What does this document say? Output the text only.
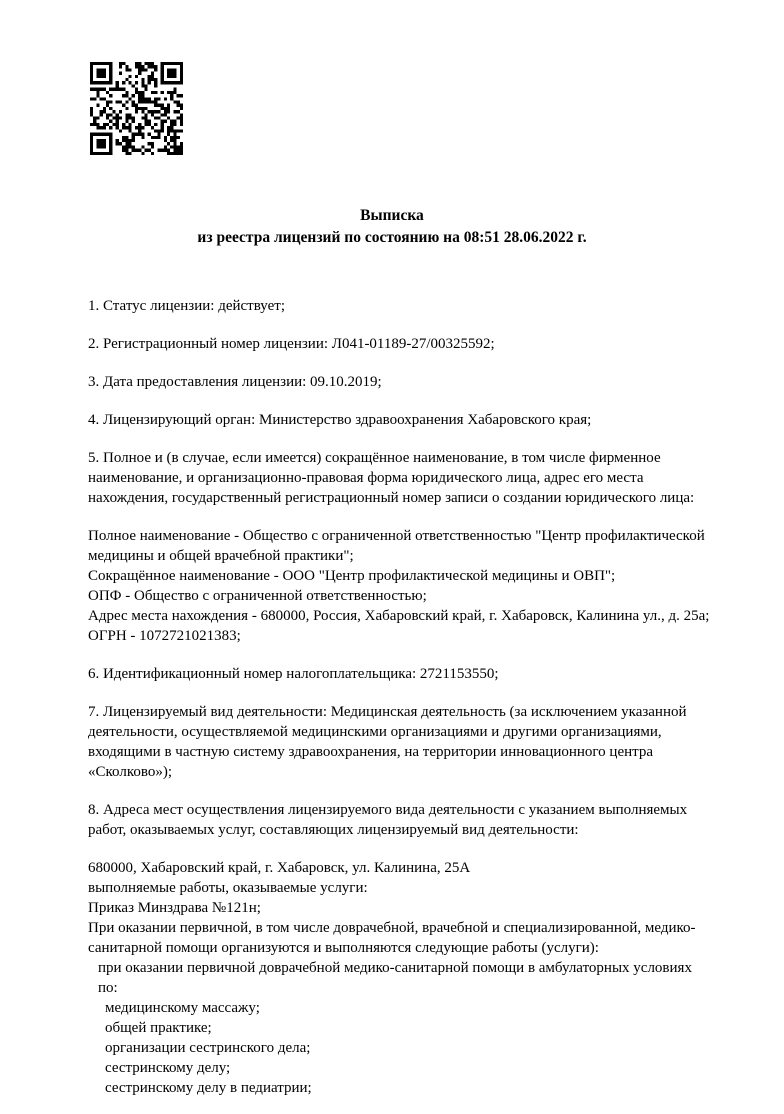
Выписка
из реестра лицензий по состоянию на 08:51 28.06.2022 г.
1. Статус лицензии: действует;
2. Регистрационный номер лицензии: Л041-01189-27/00325592;
3. Дата предоставления лицензии: 09.10.2019;
4. Лицензирующий орган: Министерство здравоохранения Хабаровского края;
5. Полное и (в случае, если имеется) сокращённое наименование, в том числе фирменное наименование, и организационно-правовая форма юридического лица, адрес его места нахождения, государственный регистрационный номер записи о создании юридического лица:
Полное наименование - Общество с ограниченной ответственностью "Центр профилактической медицины и общей врачебной практики";
Сокращённое наименование - ООО "Центр профилактической медицины и ОВП";
ОПФ - Общество с ограниченной ответственностью;
Адрес места нахождения - 680000, Россия, Хабаровский край, г. Хабаровск, Калинина ул., д. 25а;
ОГРН - 1072721021383;
6. Идентификационный номер налогоплательщика: 2721153550;
7. Лицензируемый вид деятельности: Медицинская деятельность (за исключением указанной деятельности, осуществляемой медицинскими организациями и другими организациями, входящими в частную систему здравоохранения, на территории инновационного центра «Сколково»);
8. Адреса мест осуществления лицензируемого вида деятельности с указанием выполняемых работ, оказываемых услуг, составляющих лицензируемый вид деятельности:
680000, Хабаровский край, г. Хабаровск, ул. Калинина, 25А
выполняемые работы, оказываемые услуги:
Приказ Минздрава №121н;
При оказании первичной, в том числе доврачебной, врачебной и специализированной, медико-санитарной помощи организуются и выполняются следующие работы (услуги):
при оказании первичной доврачебной медико-санитарной помощи в амбулаторных условиях по:
медицинскому массажу;
общей практике;
организации сестринского дела;
сестринскому делу;
сестринскому делу в педиатрии;
